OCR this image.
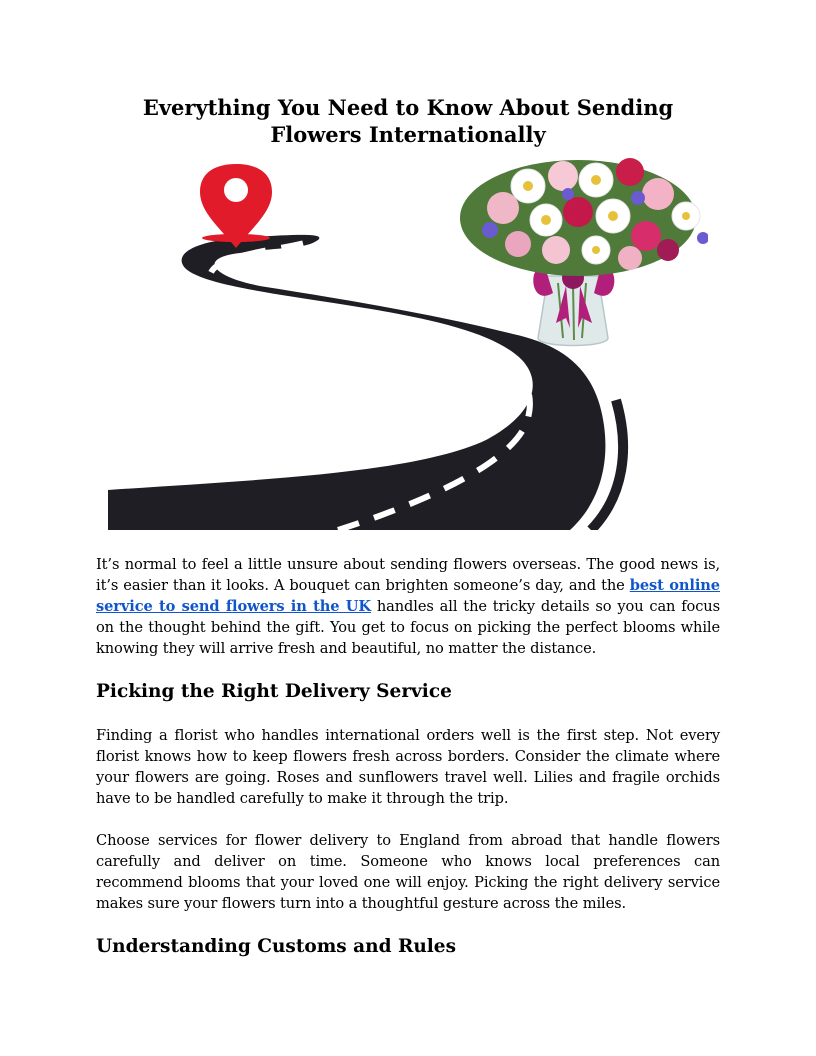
Everything You Need to Know About Sending Flowers Internationally

It’s normal to feel a little unsure about sending flowers overseas. The good news is, it’s easier than it looks. A bouquet can brighten someone’s day, and the best online service to send flowers in the UK handles all the tricky details so you can focus on the thought behind the gift. You get to focus on picking the perfect blooms while knowing they will arrive fresh and beautiful, no matter the distance.

Picking the Right Delivery Service

Finding a florist who handles international orders well is the first step. Not every florist knows how to keep flowers fresh across borders. Consider the climate where your flowers are going. Roses and sunflowers travel well. Lilies and fragile orchids have to be handled carefully to make it through the trip.

Choose services for flower delivery to England from abroad that handle flowers carefully and deliver on time. Someone who knows local preferences can recommend blooms that your loved one will enjoy. Picking the right delivery service makes sure your flowers turn into a thoughtful gesture across the miles.

Understanding Customs and Rules
